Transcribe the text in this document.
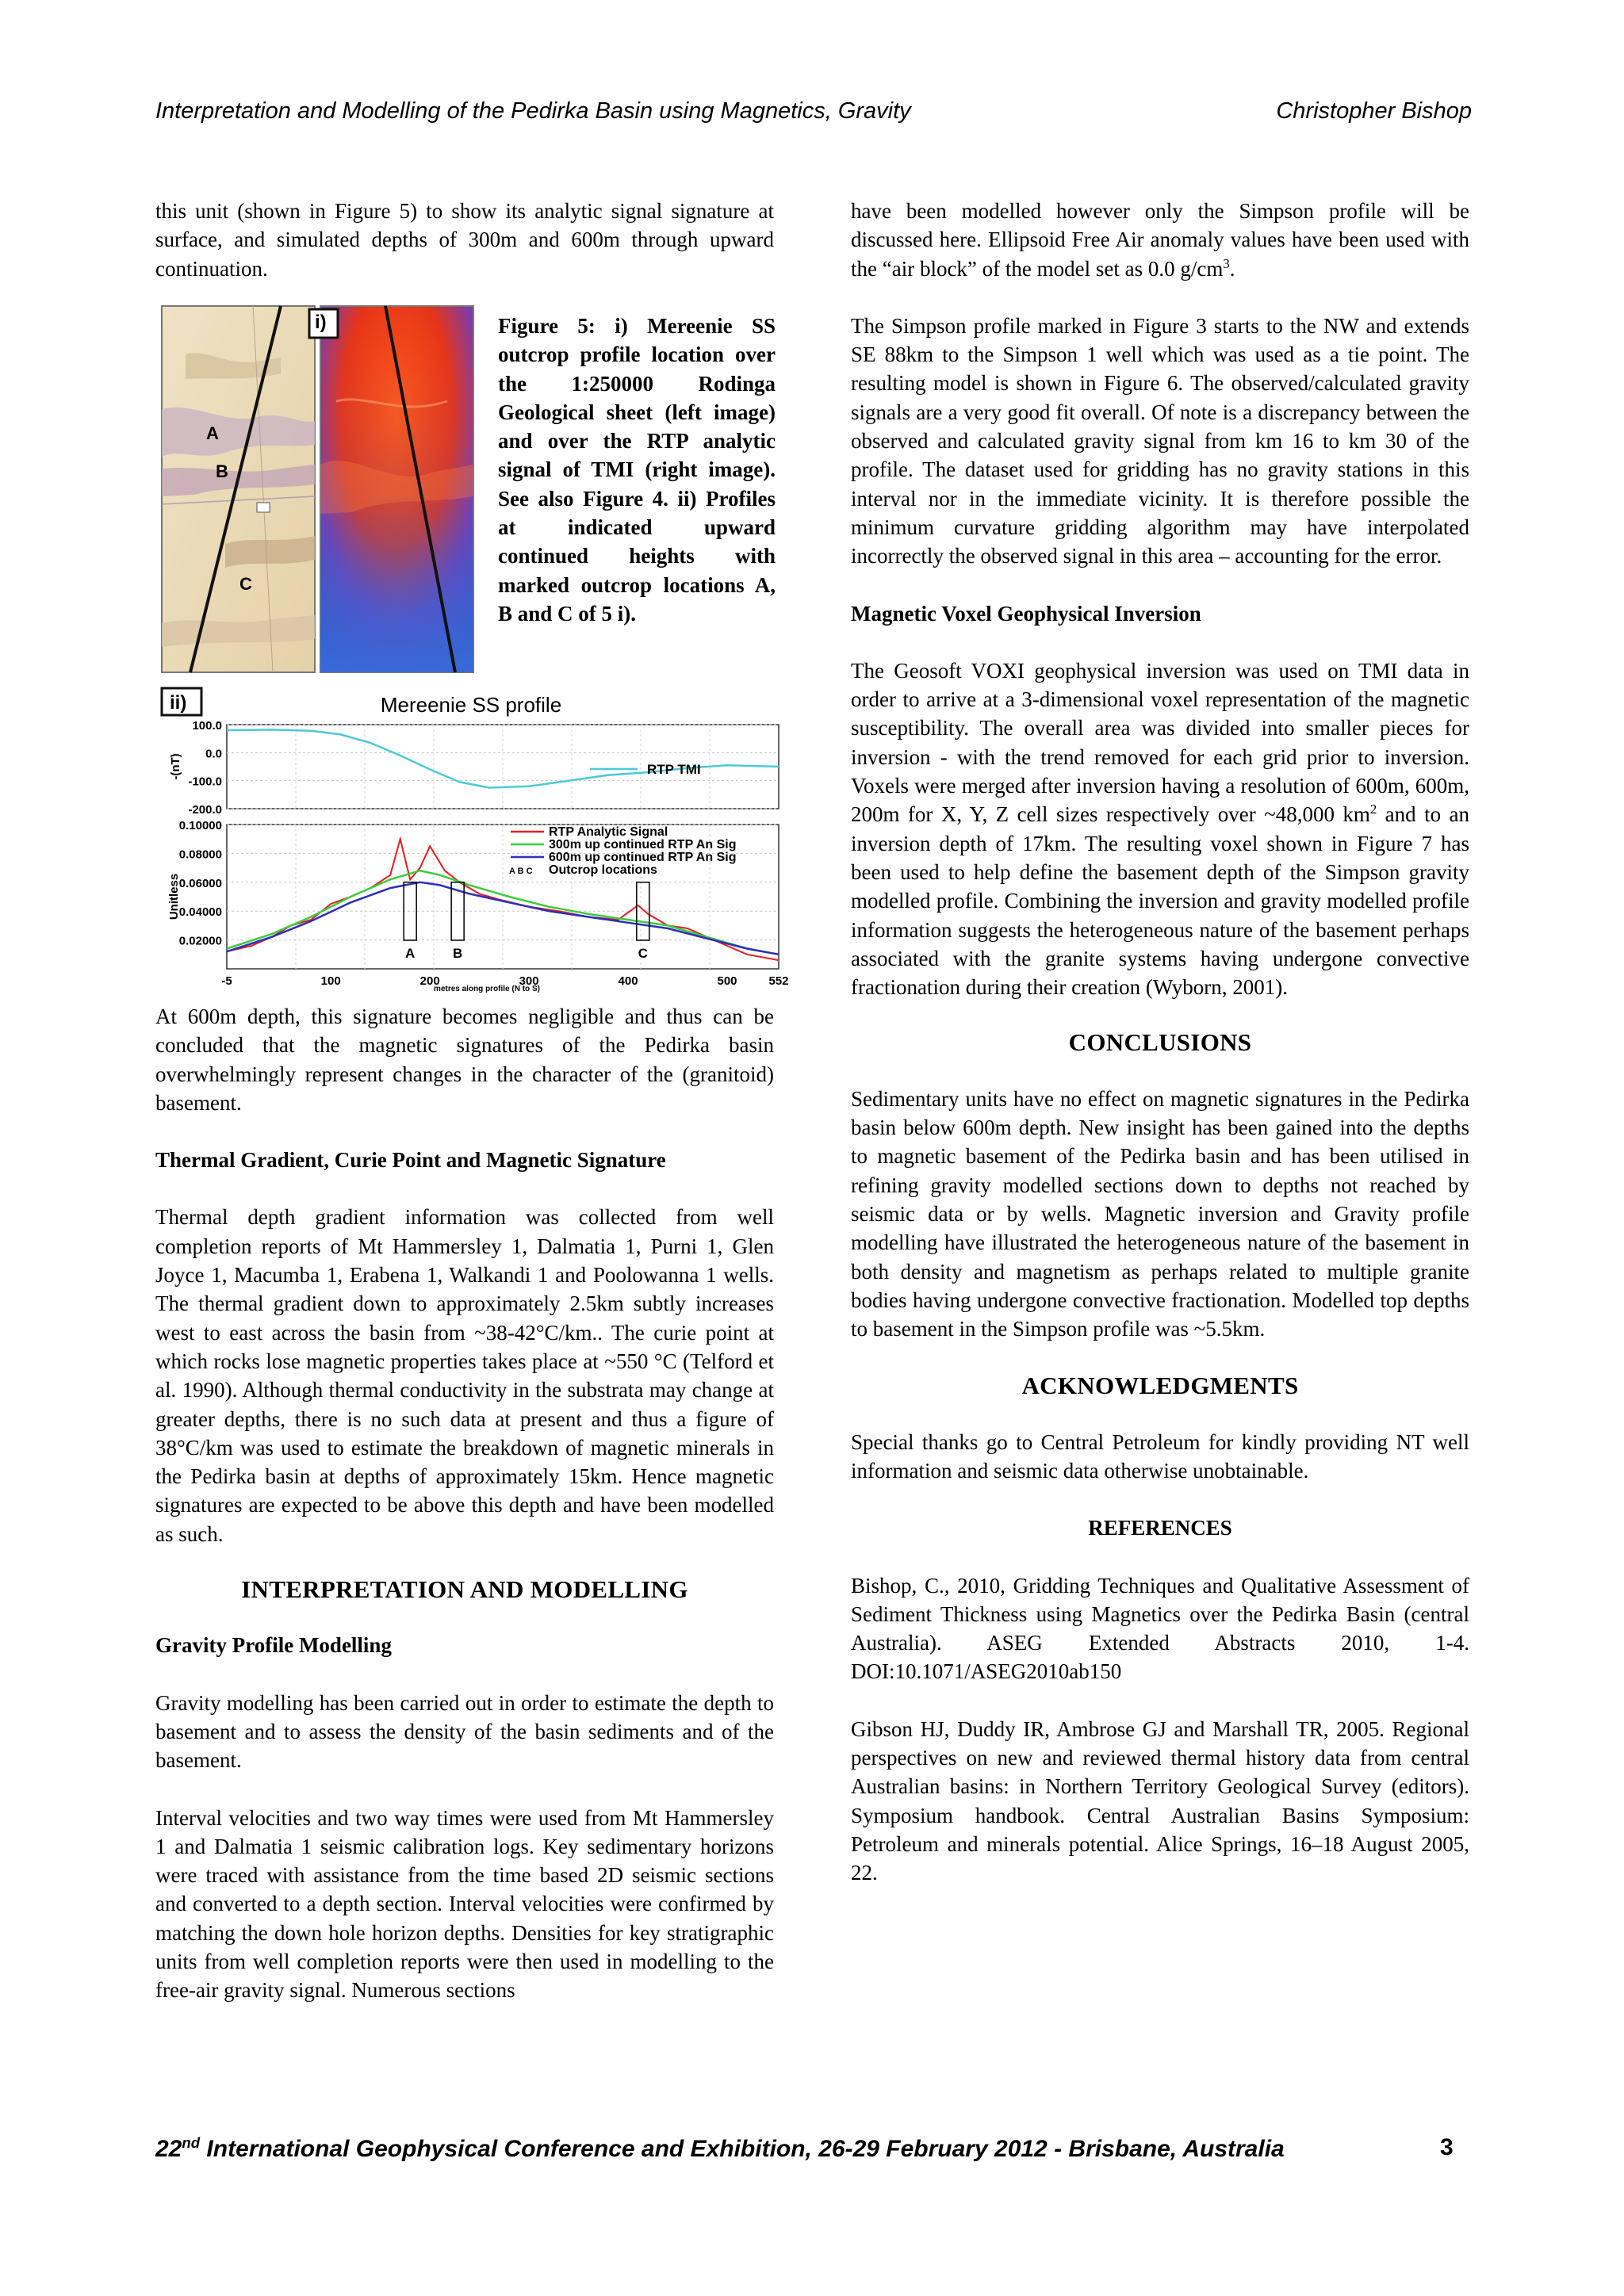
Interpretation and Modelling of the Pedirka Basin using Magnetics, Gravity	Christopher Bishop

this unit (shown in Figure 5) to show its analytic signal signature at surface, and simulated depths of 300m and 600m through upward continuation.

i)
A
B
C
Figure 5: i) Mereenie SS outcrop profile location over the 1:250000 Rodinga Geological sheet (left image) and over the RTP analytic signal of TMI (right image). See also Figure 4. ii) Profiles at indicated upward continued heights with marked outcrop locations A, B and C of 5 i).
ii)	Mereenie SS profile
100.0
0.0
-100.0
-200.0
-(nT)	RTP TMI
0.10000
0.08000
0.06000
0.04000
0.02000
Unitless
A	B	C
RTP Analytic Signal
300m up continued RTP An Sig
600m up continued RTP An Sig
A B C Outcrop locations
-5	100	200	300	400	500	552
metres along profile (N to S)

At 600m depth, this signature becomes negligible and thus can be concluded that the magnetic signatures of the Pedirka basin overwhelmingly represent changes in the character of the (granitoid) basement.

Thermal Gradient, Curie Point and Magnetic Signature

Thermal depth gradient information was collected from well completion reports of Mt Hammersley 1, Dalmatia 1, Purni 1, Glen Joyce 1, Macumba 1, Erabena 1, Walkandi 1 and Poolowanna 1 wells. The thermal gradient down to approximately 2.5km subtly increases west to east across the basin from ~38-42°C/km.. The curie point at which rocks lose magnetic properties takes place at ~550 °C (Telford et al. 1990). Although thermal conductivity in the substrata may change at greater depths, there is no such data at present and thus a figure of 38°C/km was used to estimate the breakdown of magnetic minerals in the Pedirka basin at depths of approximately 15km. Hence magnetic signatures are expected to be above this depth and have been modelled as such.

INTERPRETATION AND MODELLING
Gravity Profile Modelling

Gravity modelling has been carried out in order to estimate the depth to basement and to assess the density of the basin sediments and of the basement.

Interval velocities and two way times were used from Mt Hammersley 1 and Dalmatia 1 seismic calibration logs. Key sedimentary horizons were traced with assistance from the time based 2D seismic sections and converted to a depth section. Interval velocities were confirmed by matching the down hole horizon depths. Densities for key stratigraphic units from well completion reports were then used in modelling to the free-air gravity signal. Numerous sections

have been modelled however only the Simpson profile will be discussed here. Ellipsoid Free Air anomaly values have been used with the “air block” of the model set as 0.0 $g/cm^3$.

The Simpson profile marked in Figure 3 starts to the NW and extends SE 88km to the Simpson 1 well which was used as a tie point. The resulting model is shown in Figure 6. The observed/calculated gravity signals are a very good fit overall. Of note is a discrepancy between the observed and calculated gravity signal from km 16 to km 30 of the profile. The dataset used for gridding has no gravity stations in this interval nor in the immediate vicinity. It is therefore possible the minimum curvature gridding algorithm may have interpolated incorrectly the observed signal in this area – accounting for the error.

Magnetic Voxel Geophysical Inversion

The Geosoft VOXI geophysical inversion was used on TMI data in order to arrive at a 3-dimensional voxel representation of the magnetic susceptibility. The overall area was divided into smaller pieces for inversion - with the trend removed for each grid prior to inversion. Voxels were merged after inversion having a resolution of 600m, 600m, 200m for X, Y, Z cell sizes respectively over ~48,000 $km^2$ and to an inversion depth of 17km. The resulting voxel shown in Figure 7 has been used to help define the basement depth of the Simpson gravity modelled profile. Combining the inversion and gravity modelled profile information suggests the heterogeneous nature of the basement perhaps associated with the granite systems having undergone convective fractionation during their creation (Wyborn, 2001).

CONCLUSIONS

Sedimentary units have no effect on magnetic signatures in the Pedirka basin below 600m depth. New insight has been gained into the depths to magnetic basement of the Pedirka basin and has been utilised in refining gravity modelled sections down to depths not reached by seismic data or by wells. Magnetic inversion and Gravity profile modelling have illustrated the heterogeneous nature of the basement in both density and magnetism as perhaps related to multiple granite bodies having undergone convective fractionation. Modelled top depths to basement in the Simpson profile was ~5.5km.

ACKNOWLEDGMENTS

Special thanks go to Central Petroleum for kindly providing NT well information and seismic data otherwise unobtainable.

REFERENCES

Bishop, C., 2010, Gridding Techniques and Qualitative Assessment of Sediment Thickness using Magnetics over the Pedirka Basin (central Australia). ASEG Extended Abstracts 2010, 1-4. DOI:10.1071/ASEG2010ab150

Gibson HJ, Duddy IR, Ambrose GJ and Marshall TR, 2005. Regional perspectives on new and reviewed thermal history data from central Australian basins: in Northern Territory Geological Survey (editors). Symposium handbook. Central Australian Basins Symposium: Petroleum and minerals potential. Alice Springs, 16–18 August 2005, 22.

22nd International Geophysical Conference and Exhibition, 26-29 February 2012 - Brisbane, Australia	3
